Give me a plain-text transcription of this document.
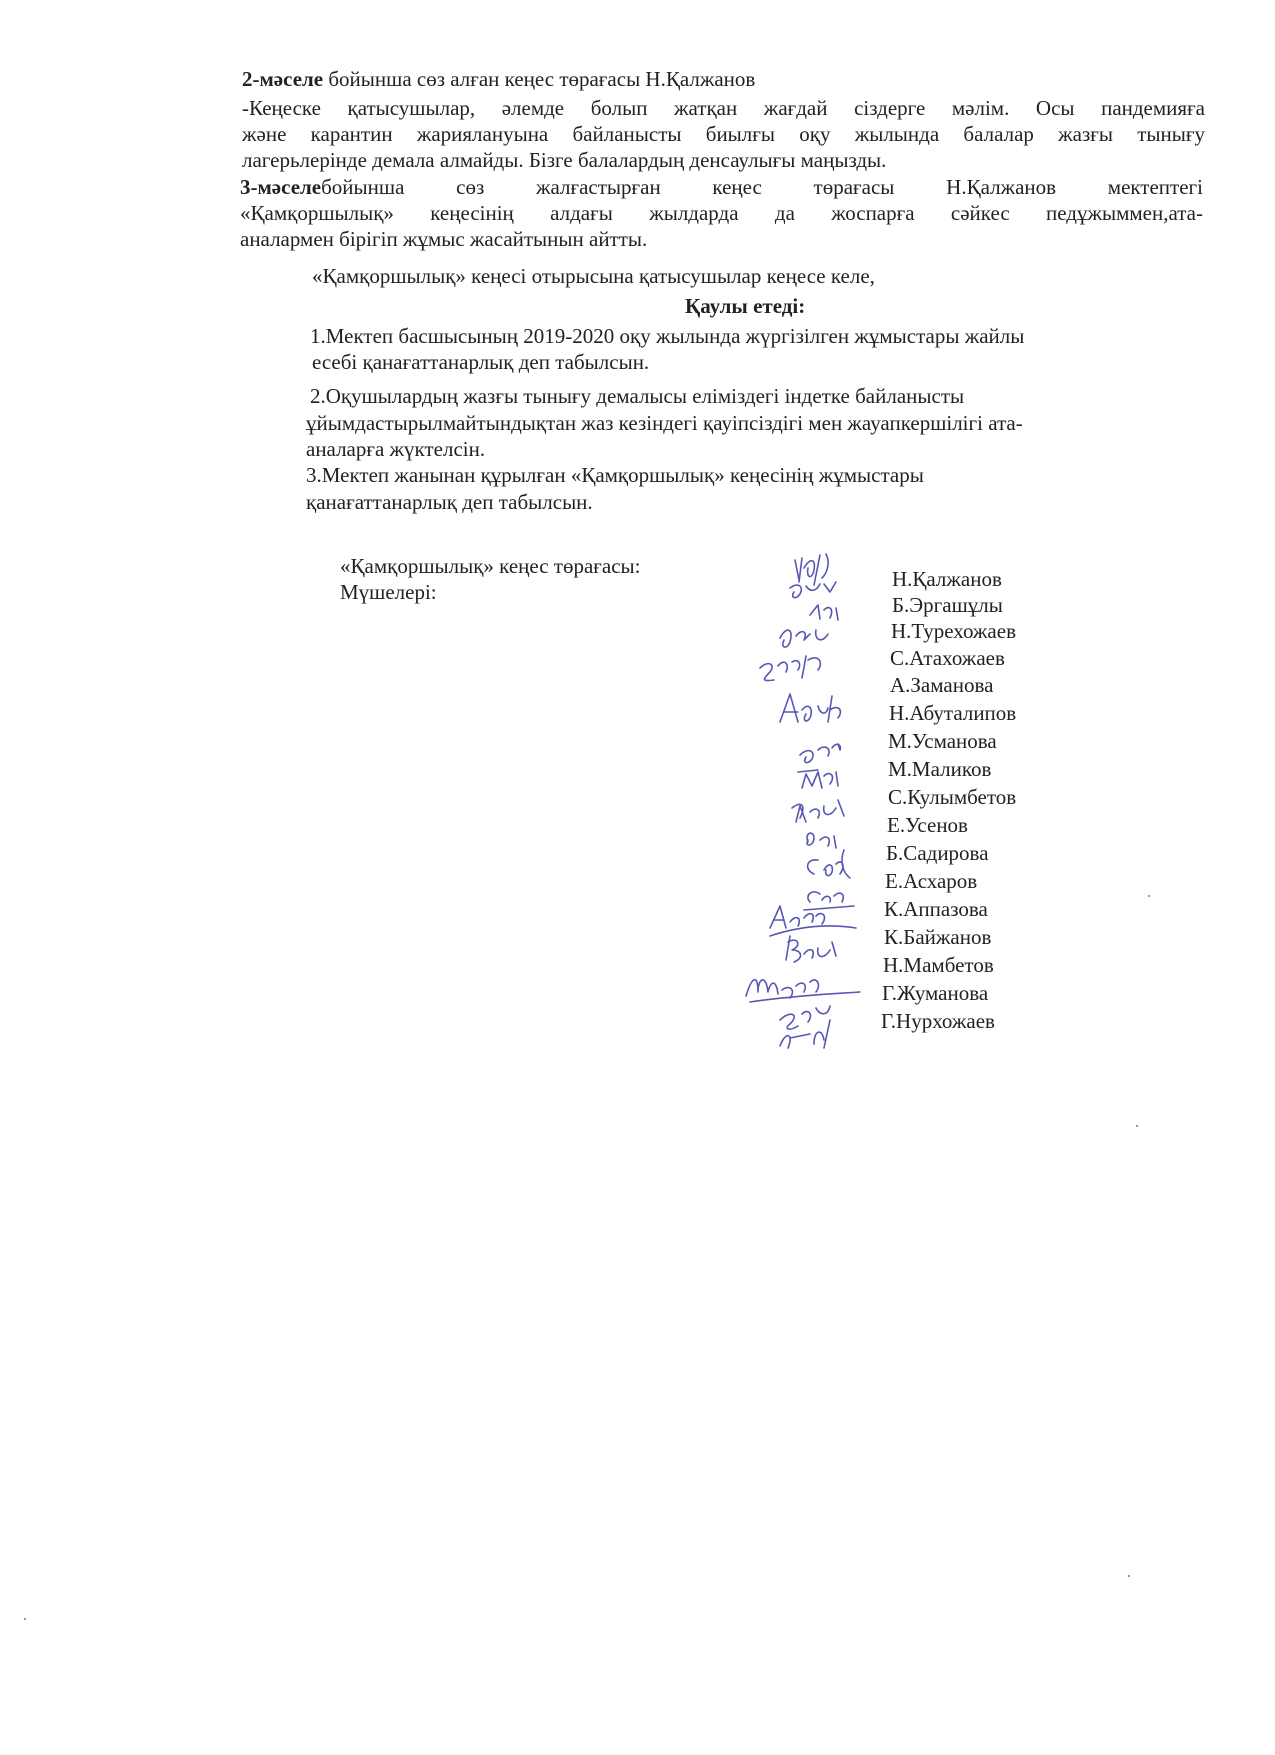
2-мәселе бойынша сөз алған кеңес төрағасы Н.Қалжанов
-Кеңеске қатысушылар, әлемде болып жатқан жағдай сіздерге мәлім. Осы пандемияға
және карантин жариялануына байланысты биылғы оқу жылында балалар жазғы тынығу
лагерьлерінде демала алмайды. Бізге балалардың денсаулығы маңызды.
3-мәселебойынша сөз жалғастырған кеңес төрағасы Н.Қалжанов мектептегі
«Қамқоршылық» кеңесінің алдағы жылдарда да жоспарға сәйкес педұжыммен,ата-
аналармен бірігіп жұмыс жасайтынын айтты.
«Қамқоршылық» кеңесі отырысына қатысушылар кеңесе келе,
Қаулы етеді:
1.Мектеп басшысының 2019-2020 оқу жылында жүргізілген жұмыстары жайлы
есебі қанағаттанарлық деп табылсын.
2.Оқушылардың жазғы тынығу демалысы еліміздегі індетке байланысты
ұйымдастырылмайтындықтан жаз кезіндегі қауіпсіздігі мен жауапкершілігі ата-
аналарға жүктелсін.
3.Мектеп жанынан құрылған «Қамқоршылық» кеңесінің жұмыстары
қанағаттанарлық деп табылсын.
«Қамқоршылық» кеңес төрағасы:
Мүшелері:
Н.Қалжанов
Б.Эргашұлы
Н.Турехожаев
С.Атахожаев
А.Заманова
Н.Абуталипов
М.Усманова
М.Маликов
С.Кулымбетов
Е.Усенов
Б.Садирова
Е.Асхаров
К.Аппазова
К.Байжанов
Н.Мамбетов
Г.Жуманова
Г.Нурхожаев
